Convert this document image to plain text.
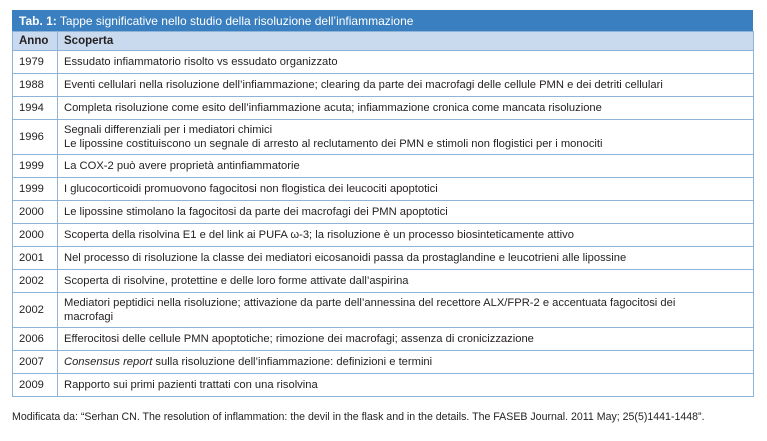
Tab. 1: Tappe significative nello studio della risoluzione dell’infiammazione
Anno	Scoperta
1979	Essudato infiammatorio risolto vs essudato organizzato

1988	Eventi cellulari nella risoluzione dell’infiammazione; clearing da parte dei macrofagi delle cellule PMN e dei detriti cellulari

1994	Completa risoluzione come esito dell’infiammazione acuta; infiammazione cronica come mancata risoluzione

1996	Segnali differenziali per i mediatori chimici
Le lipossine costituiscono un segnale di arresto al reclutamento dei PMN e stimoli non flogistici per i monociti

1999	La COX-2 può avere proprietà antinfiammatorie

1999	I glucocorticoidi promuovono fagocitosi non flogistica dei leucociti apoptotici

2000	Le lipossine stimolano la fagocitosi da parte dei macrofagi dei PMN apoptotici

2000	Scoperta della risolvina E1 e del link ai PUFA ω-3; la risoluzione è un processo biosinteticamente attivo

2001	Nel processo di risoluzione la classe dei mediatori eicosanoidi passa da prostaglandine e leucotrieni alle lipossine

2002	Scoperta di risolvine, protettine e delle loro forme attivate dall’aspirina

2002	Mediatori peptidici nella risoluzione; attivazione da parte dell’annessina del recettore ALX/FPR-2 e accentuata fagocitosi dei
macrofagi

2006	Efferocitosi delle cellule PMN apoptotiche; rimozione dei macrofagi; assenza di cronicizzazione

2007	Consensus report sulla risoluzione dell’infiammazione: definizioni e termini
2009	Rapporto sui primi pazienti trattati con una risolvina
Modificata da: “Serhan CN. The resolution of inflammation: the devil in the flask and in the details. The FASEB Journal. 2011 May; 25(5)1441-1448”.
